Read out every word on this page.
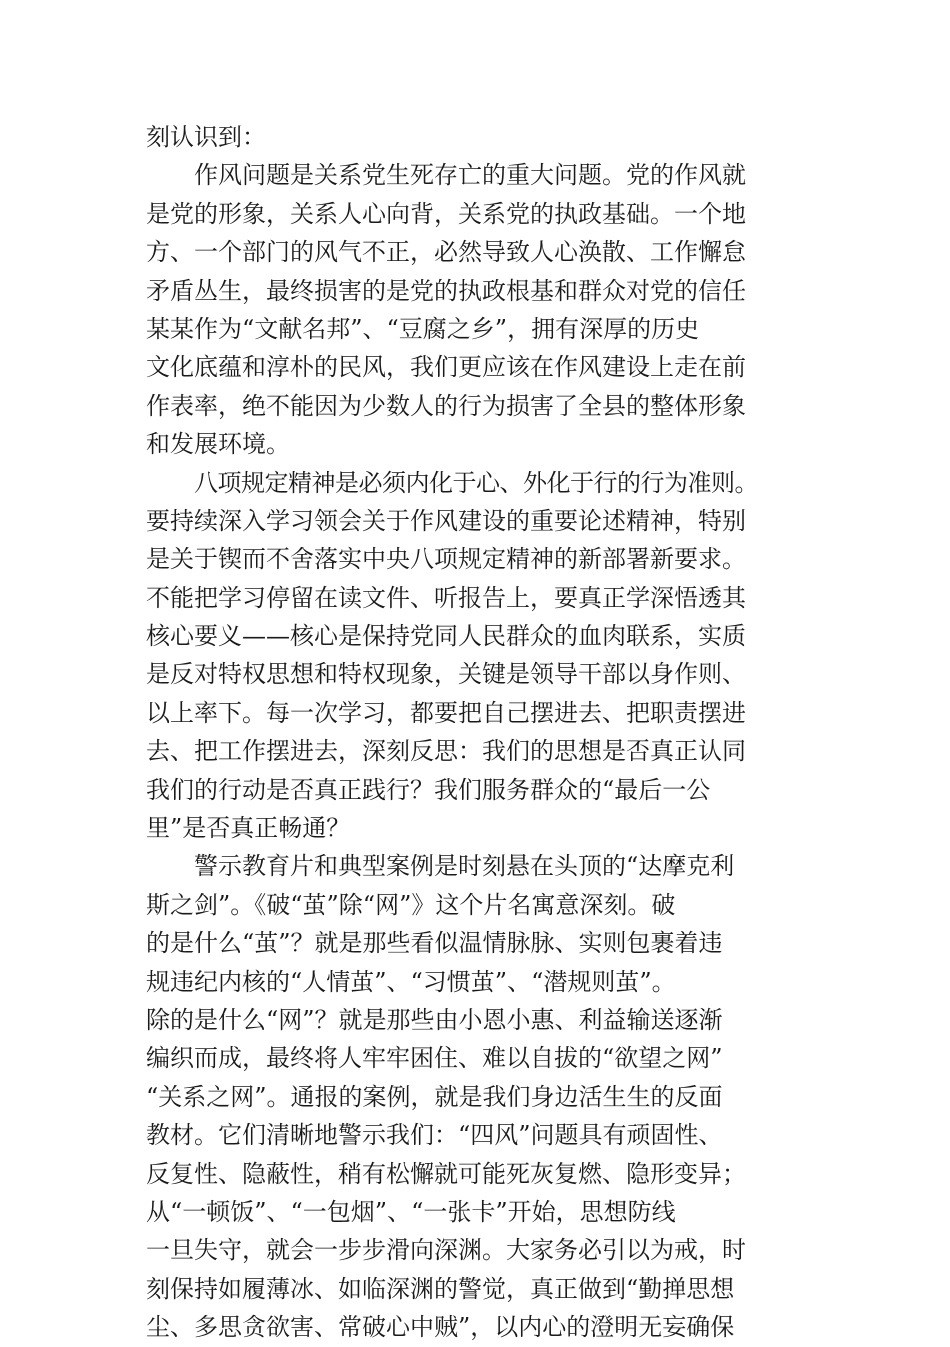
刻认识到：
作风问题是关系党生死存亡的重大问题。党的作风就
是党的形象，关系人心向背，关系党的执政基础。一个地
方、一个部门的风气不正，必然导致人心涣散、工作懈怠
矛盾丛生，最终损害的是党的执政根基和群众对党的信任
某某作为“文献名邦”、“豆腐之乡”，拥有深厚的历史
文化底蕴和淳朴的民风，我们更应该在作风建设上走在前
作表率，绝不能因为少数人的行为损害了全县的整体形象
和发展环境。
八项规定精神是必须内化于心、外化于行的行为准则。
要持续深入学习领会关于作风建设的重要论述精神，特别
是关于锲而不舍落实中央八项规定精神的新部署新要求。
不能把学习停留在读文件、听报告上，要真正学深悟透其
核心要义——核心是保持党同人民群众的血肉联系，实质
是反对特权思想和特权现象，关键是领导干部以身作则、
以上率下。每一次学习，都要把自己摆进去、把职责摆进
去、把工作摆进去，深刻反思：我们的思想是否真正认同
我们的行动是否真正践行？我们服务群众的“最后一公
里”是否真正畅通？
警示教育片和典型案例是时刻悬在头顶的“达摩克利
斯之剑”。《破“茧”除“网”》这个片名寓意深刻。破
的是什么“茧”？就是那些看似温情脉脉、实则包裹着违
规违纪内核的“人情茧”、“习惯茧”、“潜规则茧”。
除的是什么“网”？就是那些由小恩小惠、利益输送逐渐
编织而成，最终将人牢牢困住、难以自拔的“欲望之网”
“关系之网”。通报的案例，就是我们身边活生生的反面
教材。它们清晰地警示我们：“四风”问题具有顽固性、
反复性、隐蔽性，稍有松懈就可能死灰复燃、隐形变异；
从“一顿饭”、“一包烟”、“一张卡”开始，思想防线
一旦失守，就会一步步滑向深渊。大家务必引以为戒，时
刻保持如履薄冰、如临深渊的警觉，真正做到“勤掸思想
尘、多思贪欲害、常破心中贼”，以内心的澄明无妄确保
